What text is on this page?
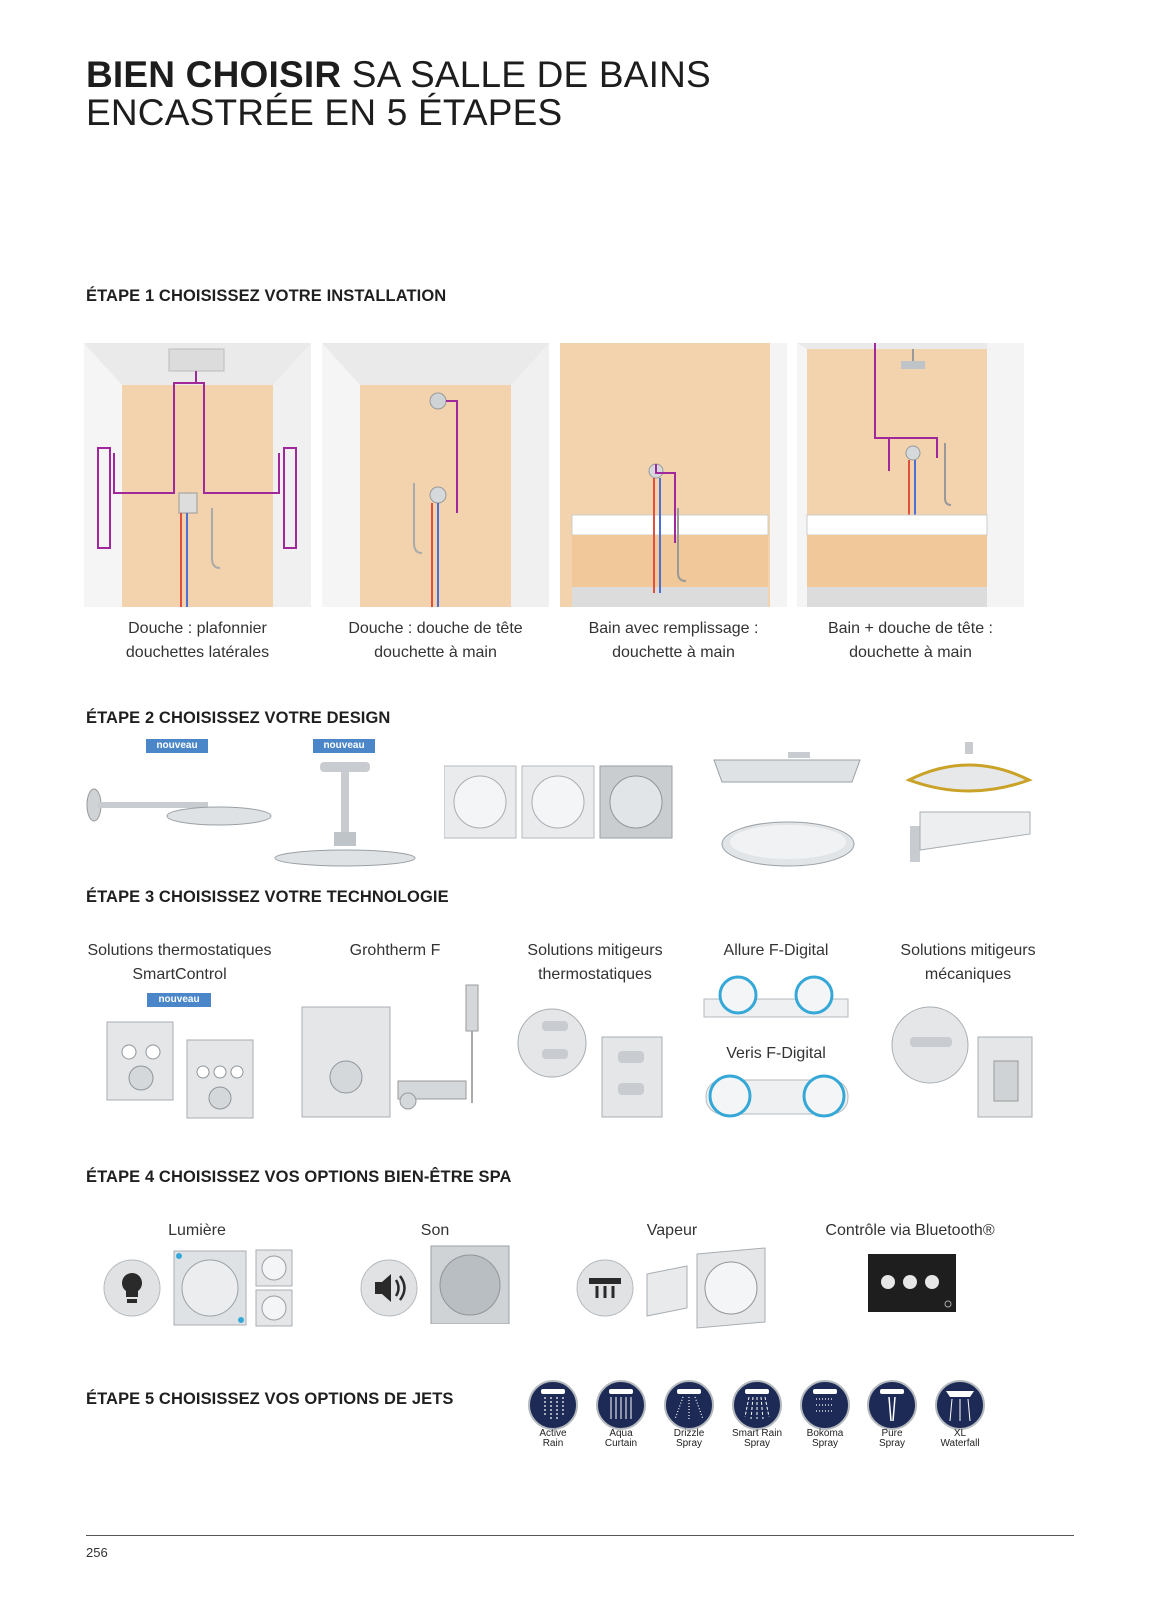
BIEN CHOISIR SA SALLE DE BAINS
ENCASTRÉE EN 5 ÉTAPES
ÉTAPE 1 CHOISISSEZ VOTRE INSTALLATION
Douche : plafonnier
douchettes latérales
Douche : douche de tête
douchette à main
Bain avec remplissage :
douchette à main
Bain + douche de tête :
douchette à main
ÉTAPE 2 CHOISISSEZ VOTRE DESIGN
nouveau	nouveau
ÉTAPE 3 CHOISISSEZ VOTRE TECHNOLOGIE
Solutions thermostatiques
SmartControl
Grohtherm F	Solutions mitigeurs
thermostatiques
Allure F-Digital	Solutions mitigeurs
mécaniques
nouveau
Veris F-Digital
ÉTAPE 4 CHOISISSEZ VOS OPTIONS BIEN-ÊTRE SPA
Lumière	Son	Vapeur	Contrôle via Bluetooth®
ÉTAPE 5 CHOISISSEZ VOS OPTIONS DE JETS
Active
Rain
Aqua
Curtain
Drizzle
Spray
Smart Rain
Spray
Bokoma
Spray
Pure
Spray
XL
Waterfall
256
